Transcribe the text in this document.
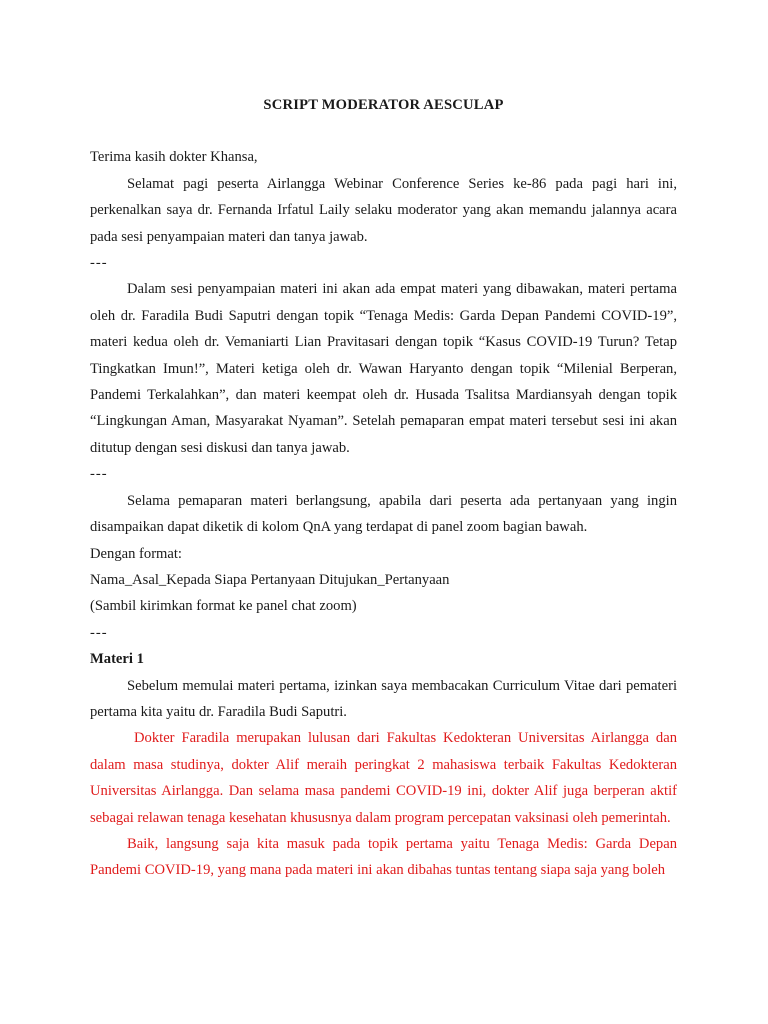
SCRIPT MODERATOR AESCULAP

Terima kasih dokter Khansa,

Selamat pagi peserta Airlangga Webinar Conference Series ke-86 pada pagi hari ini, perkenalkan saya dr. Fernanda Irfatul Laily selaku moderator yang akan memandu jalannya acara pada sesi penyampaian materi dan tanya jawab.

---

Dalam sesi penyampaian materi ini akan ada empat materi yang dibawakan, materi pertama oleh dr. Faradila Budi Saputri dengan topik “Tenaga Medis: Garda Depan Pandemi COVID-19”, materi kedua oleh dr. Vemaniarti Lian Pravitasari dengan topik “Kasus COVID-19 Turun? Tetap Tingkatkan Imun!”, Materi ketiga oleh dr. Wawan Haryanto dengan topik “Milenial Berperan, Pandemi Terkalahkan”, dan materi keempat oleh dr. Husada Tsalitsa Mardiansyah dengan topik “Lingkungan Aman, Masyarakat Nyaman”. Setelah pemaparan empat materi tersebut sesi ini akan ditutup dengan sesi diskusi dan tanya jawab.

---

Selama pemaparan materi berlangsung, apabila dari peserta ada pertanyaan yang ingin disampaikan dapat diketik di kolom QnA yang terdapat di panel zoom bagian bawah.

Dengan format:

Nama_Asal_Kepada Siapa Pertanyaan Ditujukan_Pertanyaan

(Sambil kirimkan format ke panel chat zoom)

---

Materi 1

Sebelum memulai materi pertama, izinkan saya membacakan Curriculum Vitae dari pemateri pertama kita yaitu dr. Faradila Budi Saputri.

Dokter Faradila merupakan lulusan dari Fakultas Kedokteran Universitas Airlangga dan dalam masa studinya, dokter Alif meraih peringkat 2 mahasiswa terbaik Fakultas Kedokteran Universitas Airlangga. Dan selama masa pandemi COVID-19 ini, dokter Alif juga berperan aktif sebagai relawan tenaga kesehatan khususnya dalam program percepatan vaksinasi oleh pemerintah.

Baik, langsung saja kita masuk pada topik pertama yaitu Tenaga Medis: Garda Depan Pandemi COVID-19, yang mana pada materi ini akan dibahas tuntas tentang siapa saja yang boleh
